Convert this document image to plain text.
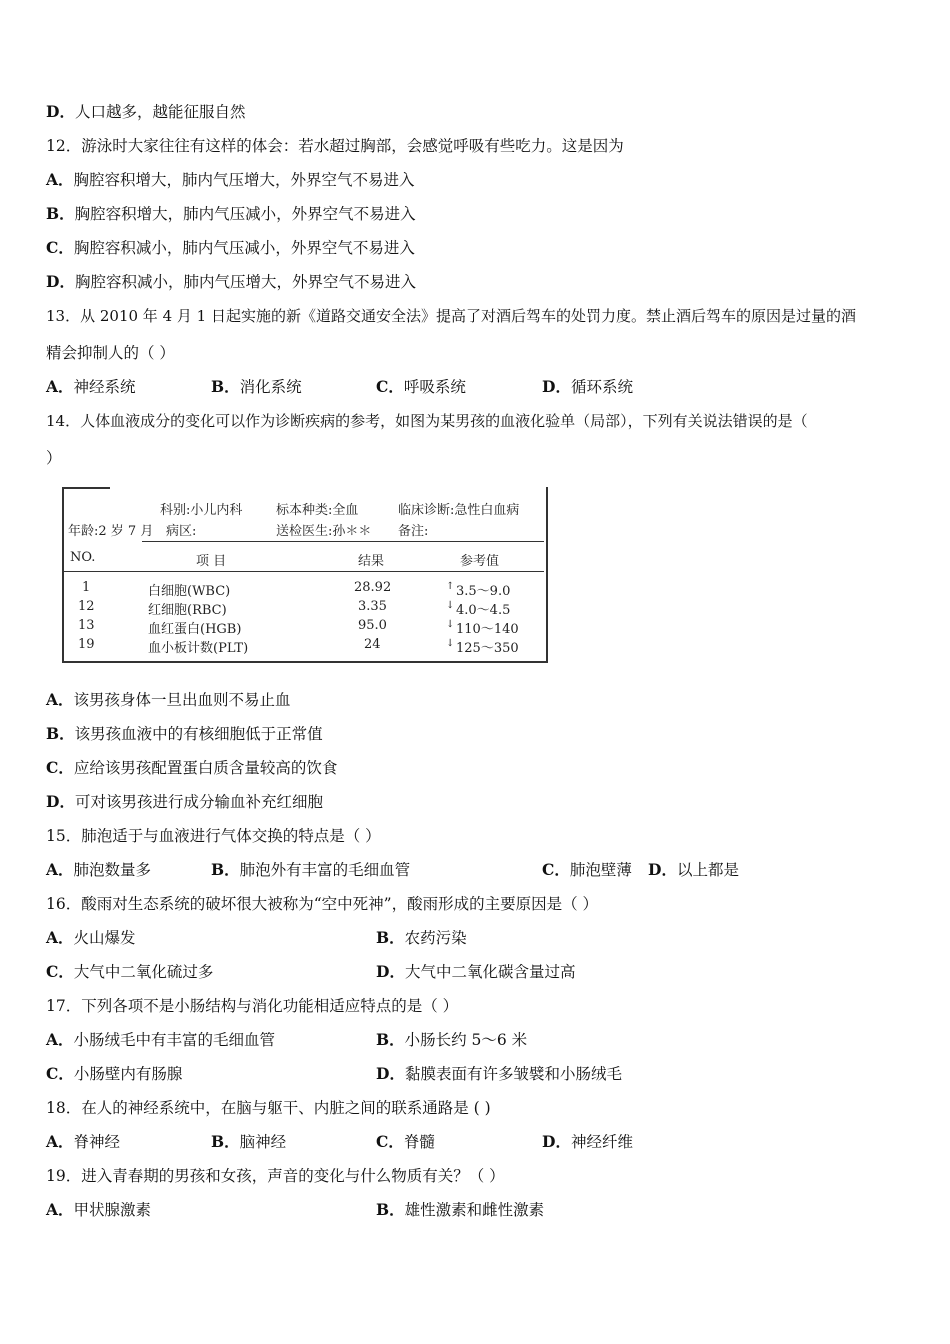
D．人口越多，越能征服自然
12．游泳时大家往往有这样的体会：若水超过胸部，会感觉呼吸有些吃力。这是因为
A．胸腔容积增大，肺内气压增大，外界空气不易进入
B．胸腔容积增大，肺内气压减小，外界空气不易进入
C．胸腔容积减小，肺内气压减小，外界空气不易进入
D．胸腔容积减小，肺内气压增大，外界空气不易进入
13．从 2010 年 4 月 1 日起实施的新《道路交通安全法》提高了对酒后驾车的处罚力度。禁止酒后驾车的原因是过量的酒
精会抑制人的（ ）
A．神经系统	B．消化系统	C．呼吸系统	D．循环系统
14．人体血液成分的变化可以作为诊断疾病的参考，如图为某男孩的血液化验单（局部），下列有关说法错误的是（
）
科别:小儿内科	标本种类:全血	临床诊断:急性白血病
年龄:2 岁 7 月 病区:	送检医生:孙＊＊ 备注:
NO.	项 目	结果	参考值
1	白细胞(WBC)	28.92	↑ 3.5～9.0
12	红细胞(RBC)	3.35	↓ 4.0～4.5
13	血红蛋白(HGB)	95.0	↓ 110～140
19	血小板计数(PLT)	24	↓ 125～350
A．该男孩身体一旦出血则不易止血
B．该男孩血液中的有核细胞低于正常值
C．应给该男孩配置蛋白质含量较高的饮食
D．可对该男孩进行成分输血补充红细胞
15．肺泡适于与血液进行气体交换的特点是（ ）
A．肺泡数量多	B．肺泡外有丰富的毛细血管	C．肺泡壁薄 D．以上都是
16．酸雨对生态系统的破坏很大被称为“空中死神”，酸雨形成的主要原因是（ ）
A．火山爆发	B．农药污染
C．大气中二氧化硫过多	D．大气中二氧化碳含量过高
17．下列各项不是小肠结构与消化功能相适应特点的是（ ）
A．小肠绒毛中有丰富的毛细血管	B．小肠长约 5～6 米
C．小肠壁内有肠腺	D．黏膜表面有许多皱襞和小肠绒毛
18．在人的神经系统中，在脑与躯干、内脏之间的联系通路是 ( )
A．脊神经	B．脑神经	C．脊髓	D．神经纤维
19．进入青春期的男孩和女孩，声音的变化与什么物质有关？（ ）
A．甲状腺激素	B．雄性激素和雌性激素
